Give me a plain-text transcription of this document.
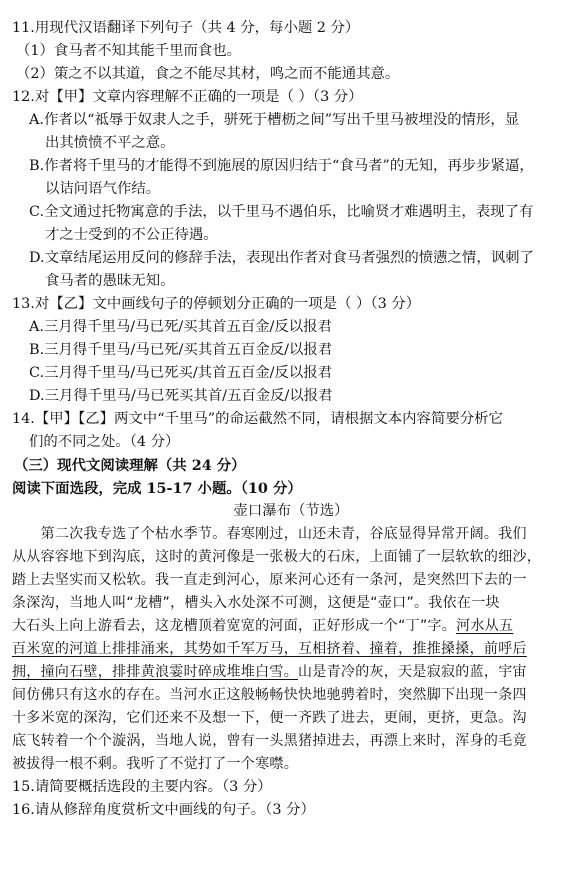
11.用现代汉语翻译下列句子（共 4 分，每小题 2 分）
（1）食马者不知其能千里而食也。
（2）策之不以其道，食之不能尽其材，鸣之而不能通其意。
12.对【甲】文章内容理解不正确的一项是（ ）（3 分）
A.作者以“祗辱于奴隶人之手，骈死于槽枥之间”写出千里马被埋没的情形，显
出其愤愤不平之意。
B.作者将千里马的才能得不到施展的原因归结于“食马者”的无知，再步步紧逼，
以诘问语气作结。
C.全文通过托物寓意的手法，以千里马不遇伯乐，比喻贤才难遇明主，表现了有
才之士受到的不公正待遇。
D.文章结尾运用反问的修辞手法，表现出作者对食马者强烈的愤懑之情，讽刺了
食马者的愚昧无知。
13.对【乙】文中画线句子的停顿划分正确的一项是（ ）（3 分）
A.三月得千里马/马已死/买其首五百金/反以报君
B.三月得千里马/马已死/买其首五百金反/以报君
C.三月得千里马/马已死买/其首五百金/反以报君
D.三月得千里马/马已死买其首/五百金反/以报君
14.【甲】【乙】两文中“千里马”的命运截然不同，请根据文本内容简要分析它
们的不同之处。（4 分）
（三）现代文阅读理解（共 24 分）
阅读下面选段，完成 15-17 小题。（10 分）
壶口瀑布（节选）
　　第二次我专选了个枯水季节。春寒刚过，山还未青，谷底显得异常开阔。我们
从从容容地下到沟底，这时的黄河像是一张极大的石床，上面铺了一层软软的细沙，
踏上去坚实而又松软。我一直走到河心，原来河心还有一条河，是突然凹下去的一
条深沟，当地人叫“龙槽”，槽头入水处深不可测，这便是“壶口”。我依在一块
大石头上向上游看去，这龙槽顶着宽宽的河面，正好形成一个“丁”字。河水从五
百米宽的河道上排排涌来，其势如千军万马，互相挤着、撞着，推推搡搡，前呼后
拥，撞向石壁，排排黄浪霎时碎成堆堆白雪。山是青冷的灰，天是寂寂的蓝，宇宙
间仿佛只有这水的存在。当河水正这般畅畅快快地驰骋着时，突然脚下出现一条四
十多米宽的深沟，它们还来不及想一下，便一齐跌了进去，更闹，更挤，更急。沟
底飞转着一个个漩涡，当地人说，曾有一头黑猪掉进去，再漂上来时，浑身的毛竟
被拔得一根不剩。我听了不觉打了一个寒噤。
15.请简要概括选段的主要内容。（3 分）
16.请从修辞角度赏析文中画线的句子。（3 分）
